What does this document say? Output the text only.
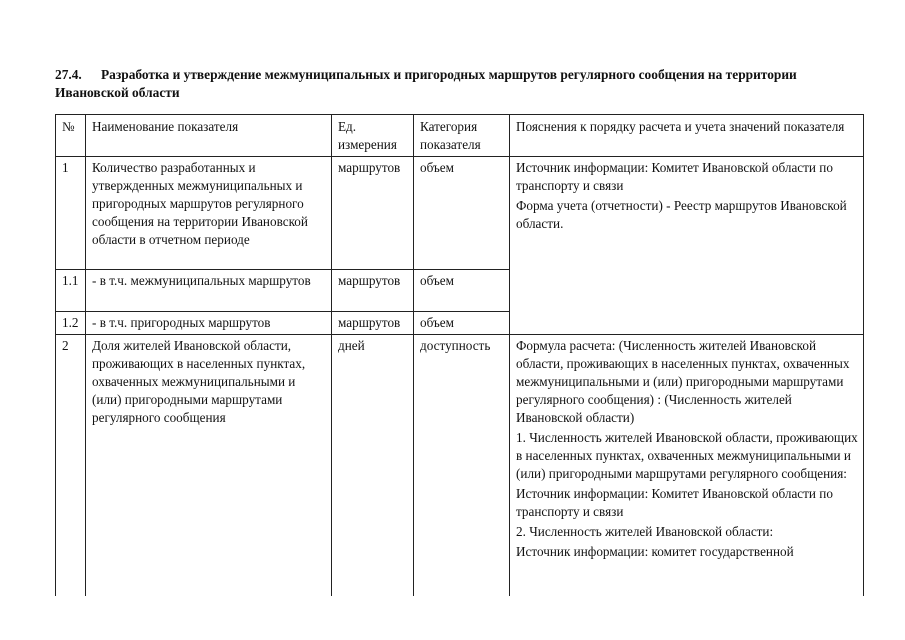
27.4. Разработка и утверждение межмуниципальных и пригородных маршрутов регулярного сообщения на территории Ивановской области
№	Наименование показателя	Ед. измерения	Категория показателя	Пояснения к порядку расчета и учета значений показателя
1	Количество разработанных и утвержденных межмуниципальных и пригородных маршрутов регулярного сообщения на территории Ивановской области в отчетном периоде	маршрутов	объем	Источник информации: Комитет Ивановской области по транспорту и связи

Форма учета (отчетности) - Реестр маршрутов Ивановской области.

1.1	- в т.ч. межмуниципальных маршрутов	маршрутов	объем	
1.2	- в т.ч. пригородных маршрутов	маршрутов	объем	
2	Доля жителей Ивановской области, проживающих в населенных пунктах, охваченных межмуниципальными и (или) пригородными маршрутами регулярного сообщения	дней	доступность	Формула расчета: (Численность жителей Ивановской области, проживающих в населенных пунктах, охваченных межмуниципальными и (или) пригородными маршрутами регулярного сообщения) : (Численность жителей Ивановской области)

1. Численность жителей Ивановской области, проживающих в населенных пунктах, охваченных межмуниципальными и (или) пригородными маршрутами регулярного сообщения:

Источник информации: Комитет Ивановской области по транспорту и связи

2. Численность жителей Ивановской области:

Источник информации: комитет государственной
